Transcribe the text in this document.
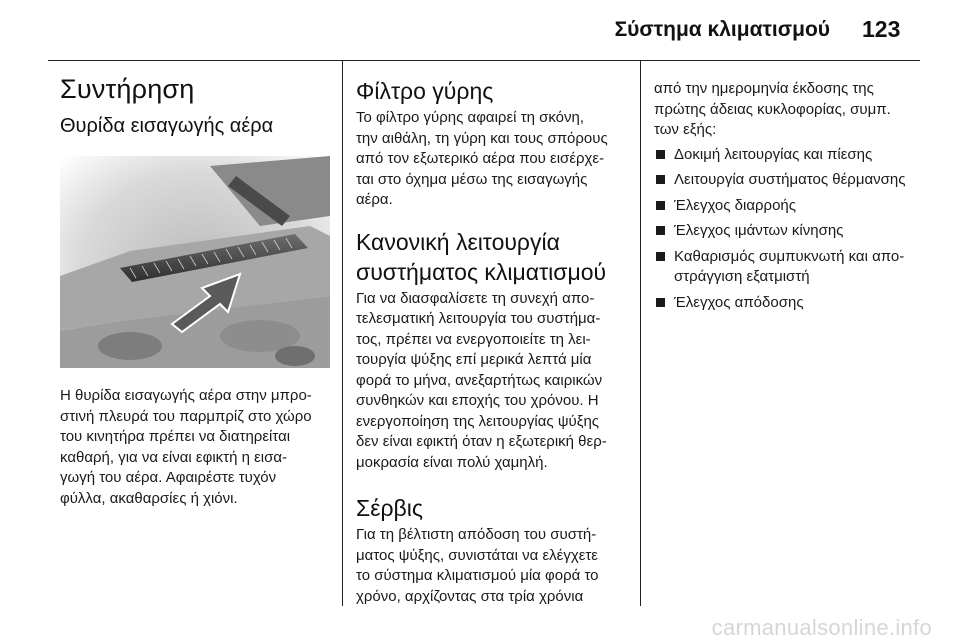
Σύστημα κλιματισμού 123
Συντήρηση
Θυρίδα εισαγωγής αέρα

Η θυρίδα εισαγωγής αέρα στην μπρο-
στινή πλευρά του παρμπρίζ στο χώρο
του κινητήρα πρέπει να διατηρείται
καθαρή, για να είναι εφικτή η εισα-
γωγή του αέρα. Αφαιρέστε τυχόν
φύλλα, ακαθαρσίες ή χιόνι.

Φίλτρο γύρης

Το φίλτρο γύρης αφαιρεί τη σκόνη,
την αιθάλη, τη γύρη και τους σπόρους
από τον εξωτερικό αέρα που εισέρχε-
ται στο όχημα μέσω της εισαγωγής
αέρα.

Κανονική λειτουργία
συστήματος κλιματισμού

Για να διασφαλίσετε τη συνεχή απο-
τελεσματική λειτουργία του συστήμα-
τος, πρέπει να ενεργοποιείτε τη λει-
τουργία ψύξης επί μερικά λεπτά μία
φορά το μήνα, ανεξαρτήτως καιρικών
συνθηκών και εποχής του χρόνου. Η
ενεργοποίηση της λειτουργίας ψύξης
δεν είναι εφικτή όταν η εξωτερική θερ-
μοκρασία είναι πολύ χαμηλή.

Σέρβις

Για τη βέλτιστη απόδοση του συστή-
ματος ψύξης, συνιστάται να ελέγχετε
το σύστημα κλιματισμού μία φορά το
χρόνο, αρχίζοντας στα τρία χρόνια

από την ημερομηνία έκδοσης της
πρώτης άδειας κυκλοφορίας, συμπ.
των εξής:

Δοκιμή λειτουργίας και πίεσης
Λειτουργία συστήματος θέρμανσης
Έλεγχος διαρροής
Έλεγχος ιμάντων κίνησης
Καθαρισμός συμπυκνωτή και απο-
στράγγιση εξατμιστή
Έλεγχος απόδοσης
carmanualsonline.info
